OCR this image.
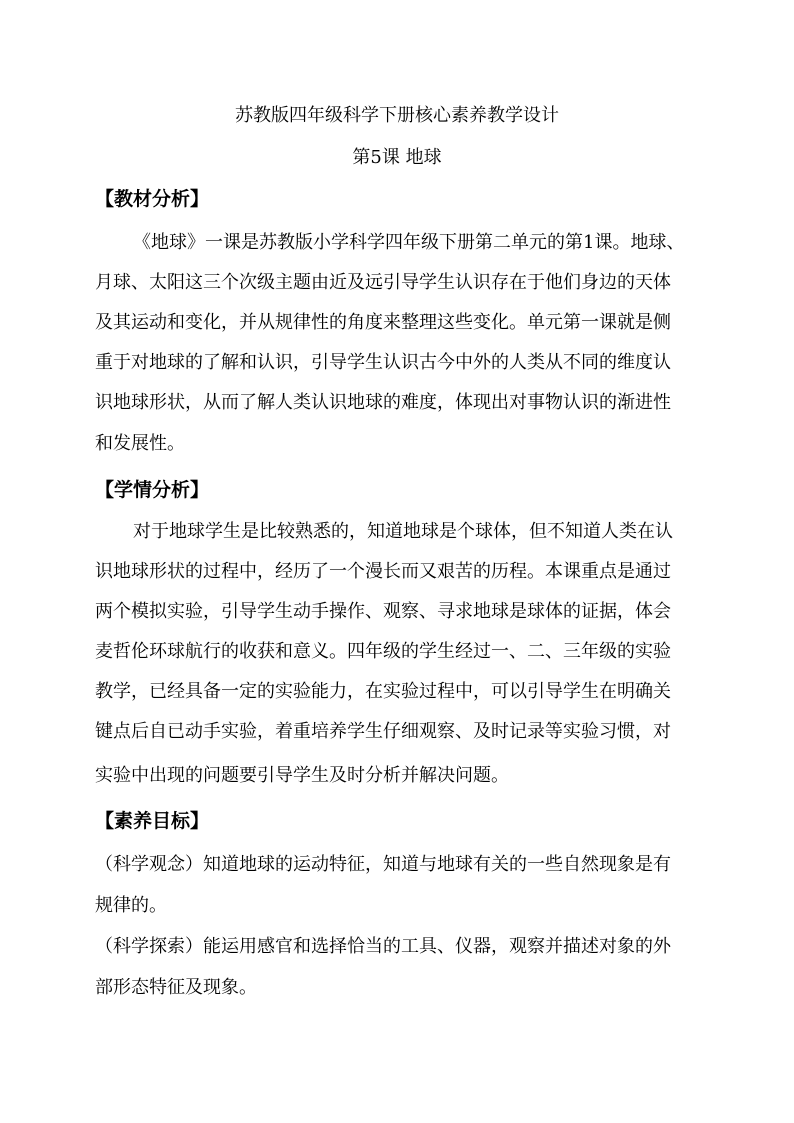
苏教版四年级科学下册核心素养教学设计
第5课 地球
【教材分析】
《地球》一课是苏教版小学科学四年级下册第二单元的第1课。地球、
月球、太阳这三个次级主题由近及远引导学生认识存在于他们身边的天体
及其运动和变化，并从规律性的角度来整理这些变化。单元第一课就是侧
重于对地球的了解和认识，引导学生认识古今中外的人类从不同的维度认
识地球形状，从而了解人类认识地球的难度，体现出对事物认识的渐进性
和发展性。
【学情分析】
对于地球学生是比较熟悉的，知道地球是个球体，但不知道人类在认
识地球形状的过程中，经历了一个漫长而又艰苦的历程。本课重点是通过
两个模拟实验，引导学生动手操作、观察、寻求地球是球体的证据，体会
麦哲伦环球航行的收获和意义。四年级的学生经过一、二、三年级的实验
教学，已经具备一定的实验能力，在实验过程中，可以引导学生在明确关
键点后自已动手实验，着重培养学生仔细观察、及时记录等实验习惯，对
实验中出现的问题要引导学生及时分析并解决问题。
【素养目标】
（科学观念）知道地球的运动特征，知道与地球有关的一些自然现象是有
规律的。
（科学探索）能运用感官和选择恰当的工具、仪器，观察并描述对象的外
部形态特征及现象。
